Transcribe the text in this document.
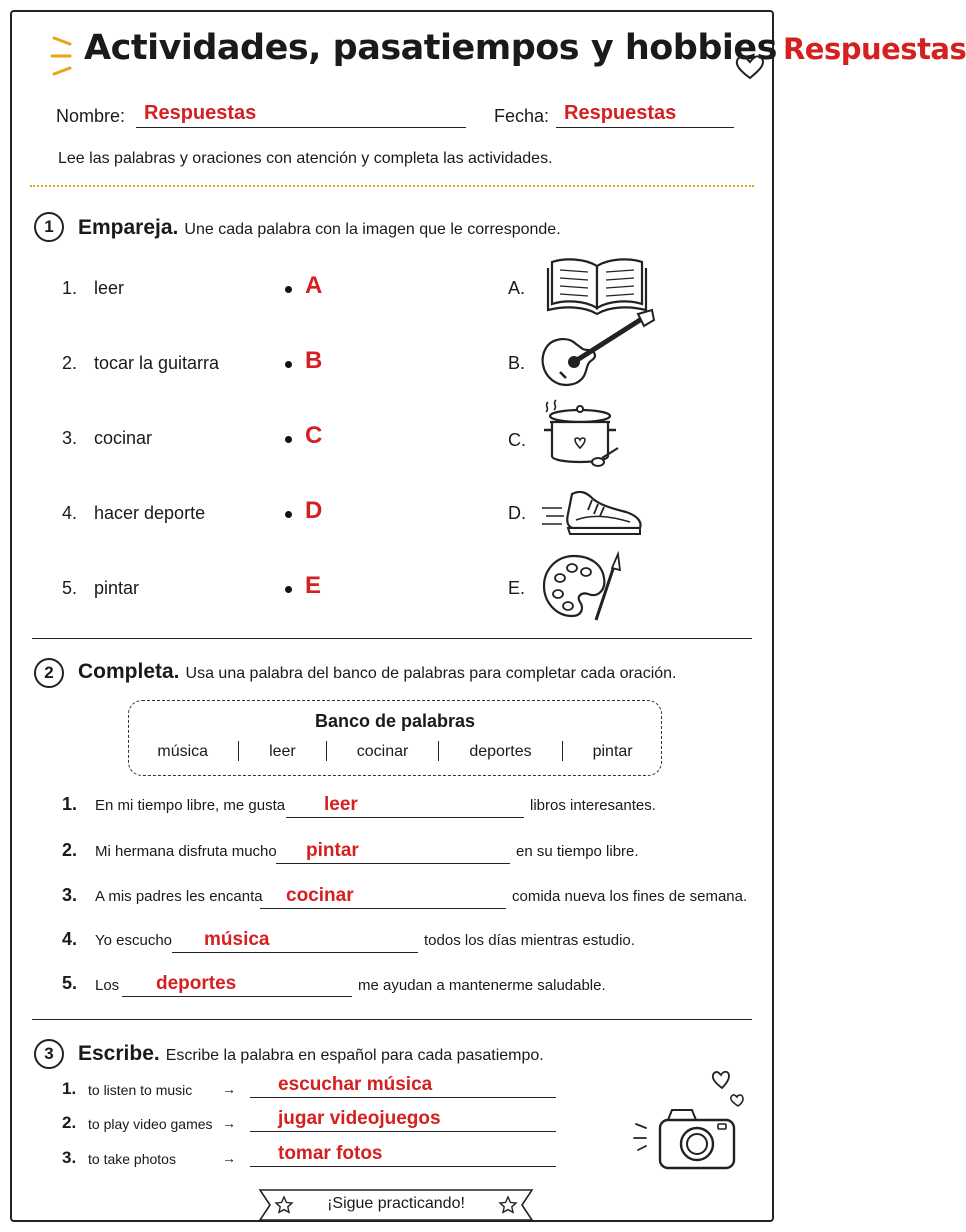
Actividades, pasatiempos y hobbies Respuestas
Nombre: Respuestas	Fecha: Respuestas
Lee las palabras y oraciones con atención y completa las actividades.
1	Empareja. Une cada palabra con la imagen que le corresponde.
1. leer	A	A.
2. tocar la guitarra	B	B.
3. cocinar	C	C.
4. hacer deporte	D	D.
5. pintar	E	E.
2	Completa. Usa una palabra del banco de palabras para completar cada oración.
Banco de palabras
música	leer	cocinar	deportes	pintar
1. En mi tiempo libre, me gusta leer	libros interesantes.
2. Mi hermana disfruta mucho pintar	en su tiempo libre.
3. A mis padres les encanta cocinar	comida nueva los fines de semana.
4. Yo escucho música	todos los días mientras estudio.
5. Los deportes	me ayudan a mantenerme saludable.
3	Escribe. Escribe la palabra en español para cada pasatiempo.
1. to listen to music → escuchar música
2. to play video games → jugar videojuegos
3. to take photos	→ tomar fotos
¡Sigue practicando!
